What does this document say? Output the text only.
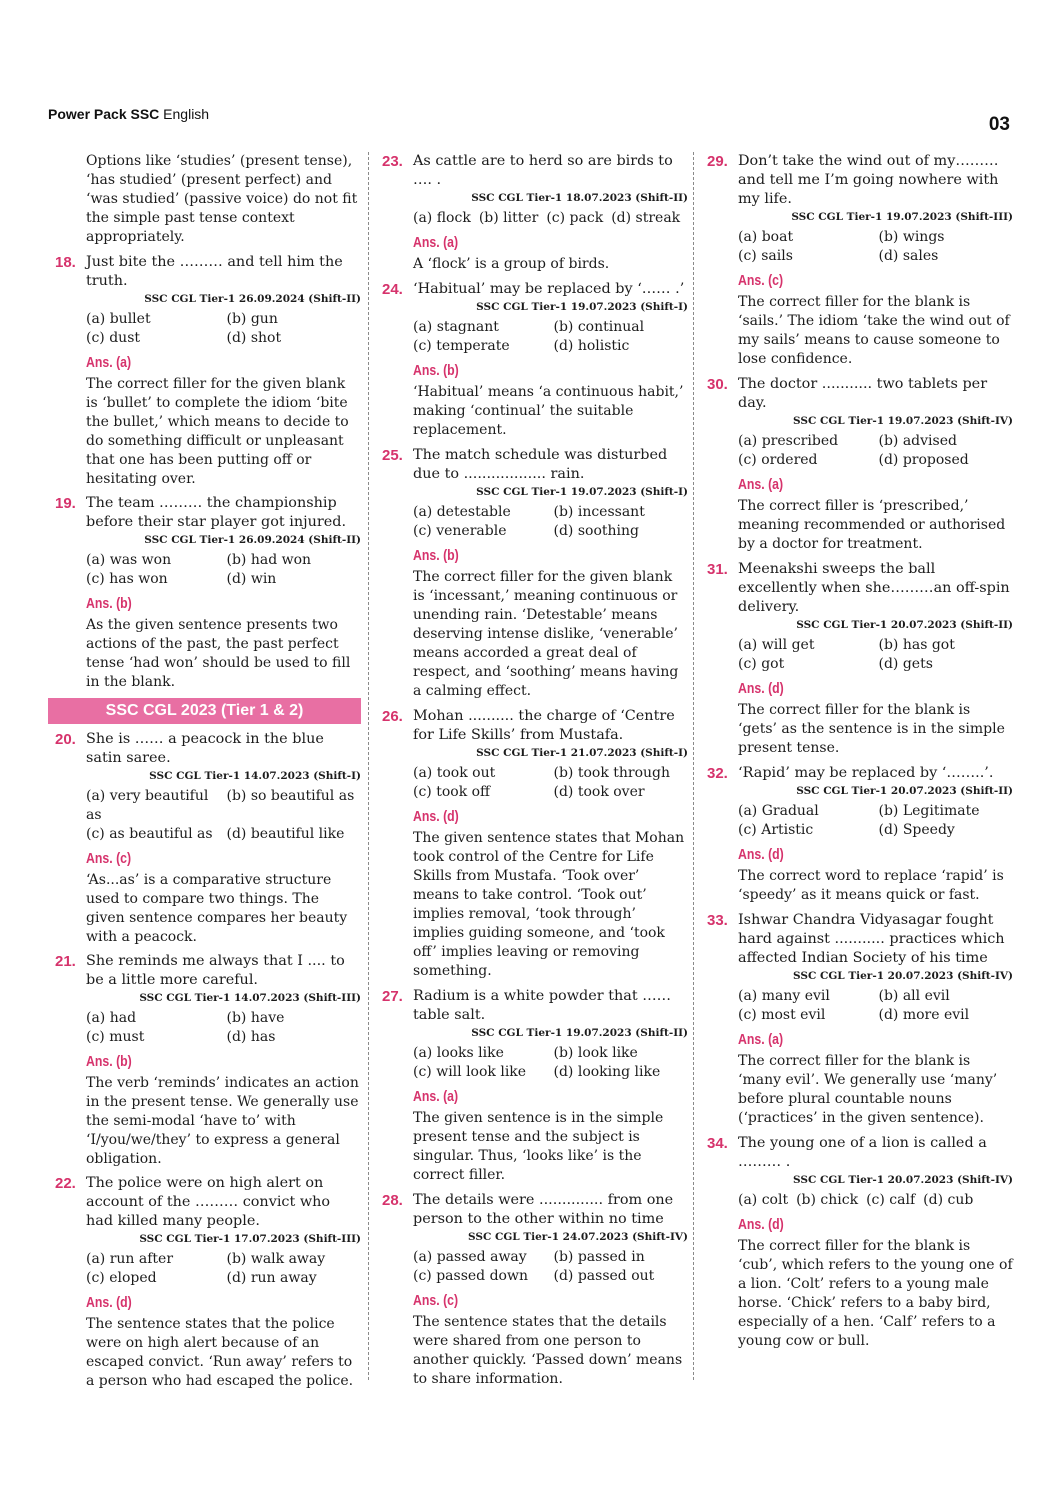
Power Pack SSC English	03
Options like ‘studies’ (present tense), ‘has studied’ (present perfect) and ‘was studied’ (passive voice) do not fit the simple past tense context appropriately.
18. Just bite the ……… and tell him the truth.
SSC CGL Tier-1 26.09.2024 (Shift-II)
(a) bullet	(b) gun
(c) dust	(d) shot
Ans. (a)
The correct filler for the given blank is ‘bullet’ to complete the idiom ‘bite the bullet,’ which means to decide to do something difficult or unpleasant that one has been putting off or hesitating over.
19. The team ……… the championship before their star player got injured.
SSC CGL Tier-1 26.09.2024 (Shift-II)
(a) was won	(b) had won
(c) has won	(d) win
Ans. (b)
As the given sentence presents two actions of the past, the past perfect tense ‘had won’ should be used to fill in the blank.
SSC CGL 2023 (Tier 1 & 2)
20. She is …… a peacock in the blue satin saree.
SSC CGL Tier-1 14.07.2023 (Shift-I)
(a) very beautiful as
(b) so beautiful as
(c) as beautiful as (d) beautiful like
Ans. (c)
‘As...as’ is a comparative structure used to compare two things. The given sentence compares her beauty with a peacock.
21. She reminds me always that I .... to be a little more careful.
SSC CGL Tier-1 14.07.2023 (Shift-III)
(a) had	(b) have
(c) must	(d) has
Ans. (b)
The verb ‘reminds’ indicates an action in the present tense. We generally use the semi-modal ‘have to’ with ‘I/you/we/they’ to express a general obligation.
22. The police were on high alert on account of the ……… convict who had killed many people.
SSC CGL Tier-1 17.07.2023 (Shift-III)
(a) run after	(b) walk away
(c) eloped	(d) run away
Ans. (d)
The sentence states that the police were on high alert because of an escaped convict. ‘Run away’ refers to a person who had escaped the police.
23. As cattle are to herd so are birds to …. .
SSC CGL Tier-1 18.07.2023 (Shift-II)
(a) flock (b) litter (c) pack (d) streak
Ans. (a)
A ‘flock’ is a group of birds.
24. ‘Habitual’ may be replaced by ‘…… .’
SSC CGL Tier-1 19.07.2023 (Shift-I)
(a) stagnant	(b) continual
(c) temperate	(d) holistic
Ans. (b)
‘Habitual’ means ‘a continuous habit,’ making ‘continual’ the suitable replacement.
25. The match schedule was disturbed due to .................. rain.
SSC CGL Tier-1 19.07.2023 (Shift-I)
(a) detestable	(b) incessant
(c) venerable	(d) soothing
Ans. (b)
The correct filler for the given blank is ‘incessant,’ meaning continuous or unending rain. ‘Detestable’ means deserving intense dislike, ‘venerable’ means accorded a great deal of respect, and ‘soothing’ means having a calming effect.
26. Mohan .......... the charge of ‘Centre for Life Skills’ from Mustafa.
SSC CGL Tier-1 21.07.2023 (Shift-I)
(a) took out	(b) took through
(c) took off	(d) took over
Ans. (d)
The given sentence states that Mohan took control of the Centre for Life Skills from Mustafa. ‘Took over’ means to take control. ‘Took out’ implies removal, ‘took through’ implies guiding someone, and ‘took off’ implies leaving or removing something.
27. Radium is a white powder that …… table salt.
SSC CGL Tier-1 19.07.2023 (Shift-II)
(a) looks like	(b) look like
(c) will look like	(d) looking like
Ans. (a)
The given sentence is in the simple present tense and the subject is singular. Thus, ‘looks like’ is the correct filler.
28. The details were .............. from one person to the other within no time
SSC CGL Tier-1 24.07.2023 (Shift-IV)
(a) passed away	(b) passed in
(c) passed down	(d) passed out
Ans. (c)
The sentence states that the details were shared from one person to another quickly. ‘Passed down’ means to share information.
29. Don’t take the wind out of my………and tell me I’m going nowhere with my life.
SSC CGL Tier-1 19.07.2023 (Shift-III)
(a) boat	(b) wings
(c) sails	(d) sales
Ans. (c)
The correct filler for the blank is ‘sails.’ The idiom ‘take the wind out of my sails’ means to cause someone to lose confidence.
30. The doctor ........... two tablets per day.
SSC CGL Tier-1 19.07.2023 (Shift-IV)
(a) prescribed	(b) advised
(c) ordered	(d) proposed
Ans. (a)
The correct filler is ‘prescribed,’ meaning recommended or authorised by a doctor for treatment.
31. Meenakshi sweeps the ball excellently when she………an off-spin delivery.
SSC CGL Tier-1 20.07.2023 (Shift-II)
(a) will get	(b) has got
(c) got	(d) gets
Ans. (d)
The correct filler for the blank is ‘gets’ as the sentence is in the simple present tense.
32. ‘Rapid’ may be replaced by ‘……..’.
SSC CGL Tier-1 20.07.2023 (Shift-II)
(a) Gradual	(b) Legitimate
(c) Artistic	(d) Speedy
Ans. (d)
The correct word to replace ‘rapid’ is ‘speedy’ as it means quick or fast.
33. Ishwar Chandra Vidyasagar fought hard against ........... practices which affected Indian Society of his time
SSC CGL Tier-1 20.07.2023 (Shift-IV)
(a) many evil	(b) all evil
(c) most evil	(d) more evil
Ans. (a)
The correct filler for the blank is ‘many evil’. We generally use ‘many’ before plural countable nouns (‘practices’ in the given sentence).
34. The young one of a lion is called a ……… .
SSC CGL Tier-1 20.07.2023 (Shift-IV)
(a) colt (b) chick (c) calf (d) cub
Ans. (d)
The correct filler for the blank is ‘cub’, which refers to the young one of a lion. ‘Colt’ refers to a young male horse. ‘Chick’ refers to a baby bird, especially of a hen. ‘Calf’ refers to a young cow or bull.
